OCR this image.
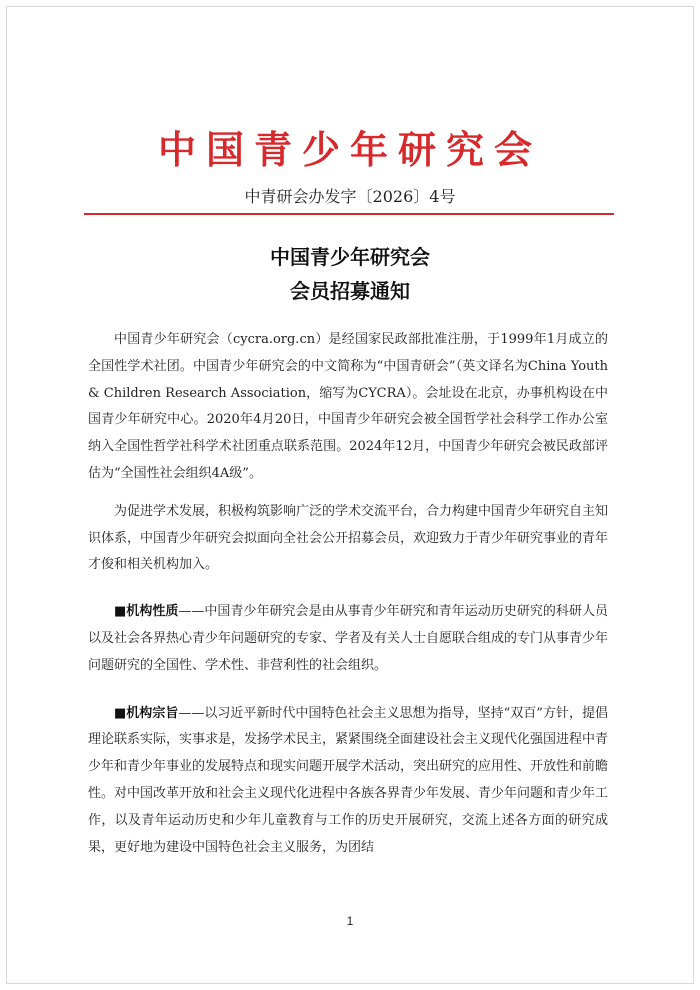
中国青少年研究会
中青研会办发字〔2026〕4号
中国青少年研究会
会员招募通知

中国青少年研究会（cycra.org.cn）是经国家民政部批准注册，于1999年1月成立的全国性学术社团。中国青少年研究会的中文简称为“中国青研会”（英文译名为China Youth & Children Research Association，缩写为CYCRA）。会址设在北京，办事机构设在中国青少年研究中心。2020年4月20日，中国青少年研究会被全国哲学社会科学工作办公室纳入全国性哲学社科学术社团重点联系范围。2024年12月，中国青少年研究会被民政部评估为“全国性社会组织4A级”。

为促进学术发展，积极构筑影响广泛的学术交流平台，合力构建中国青少年研究自主知识体系，中国青少年研究会拟面向全社会公开招募会员，欢迎致力于青少年研究事业的青年才俊和相关机构加入。

■机构性质——中国青少年研究会是由从事青少年研究和青年运动历史研究的科研人员以及社会各界热心青少年问题研究的专家、学者及有关人士自愿联合组成的专门从事青少年问题研究的全国性、学术性、非营利性的社会组织。

■机构宗旨——以习近平新时代中国特色社会主义思想为指导，坚持“双百”方针，提倡理论联系实际，实事求是，发扬学术民主，紧紧围绕全面建设社会主义现代化强国进程中青少年和青少年事业的发展特点和现实问题开展学术活动，突出研究的应用性、开放性和前瞻性。对中国改革开放和社会主义现代化进程中各族各界青少年发展、青少年问题和青少年工作，以及青年运动历史和少年儿童教育与工作的历史开展研究，交流上述各方面的研究成果，更好地为建设中国特色社会主义服务，为团结

1
